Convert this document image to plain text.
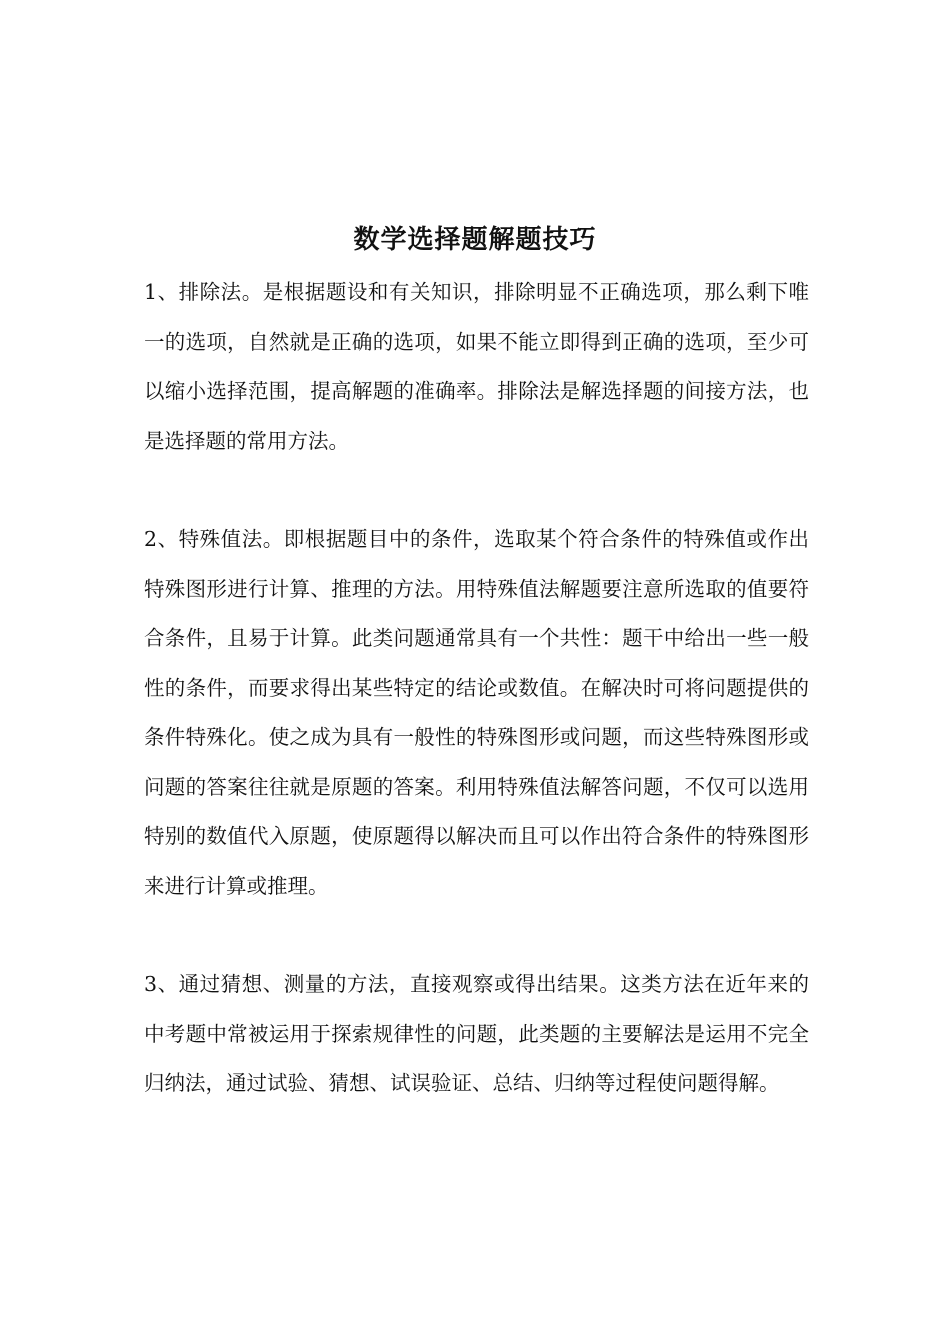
数学选择题解题技巧

1、排除法。是根据题设和有关知识，排除明显不正确选项，那么剩下唯一的选项，自然就是正确的选项，如果不能立即得到正确的选项，至少可以缩小选择范围，提高解题的准确率。排除法是解选择题的间接方法，也是选择题的常用方法。

2、特殊值法。即根据题目中的条件，选取某个符合条件的特殊值或作出特殊图形进行计算、推理的方法。用特殊值法解题要注意所选取的值要符合条件，且易于计算。此类问题通常具有一个共性：题干中给出一些一般性的条件，而要求得出某些特定的结论或数值。在解决时可将问题提供的条件特殊化。使之成为具有一般性的特殊图形或问题，而这些特殊图形或问题的答案往往就是原题的答案。利用特殊值法解答问题，不仅可以选用特别的数值代入原题，使原题得以解决而且可以作出符合条件的特殊图形来进行计算或推理。

3、通过猜想、测量的方法，直接观察或得出结果。这类方法在近年来的中考题中常被运用于探索规律性的问题，此类题的主要解法是运用不完全归纳法，通过试验、猜想、试误验证、总结、归纳等过程使问题得解。
